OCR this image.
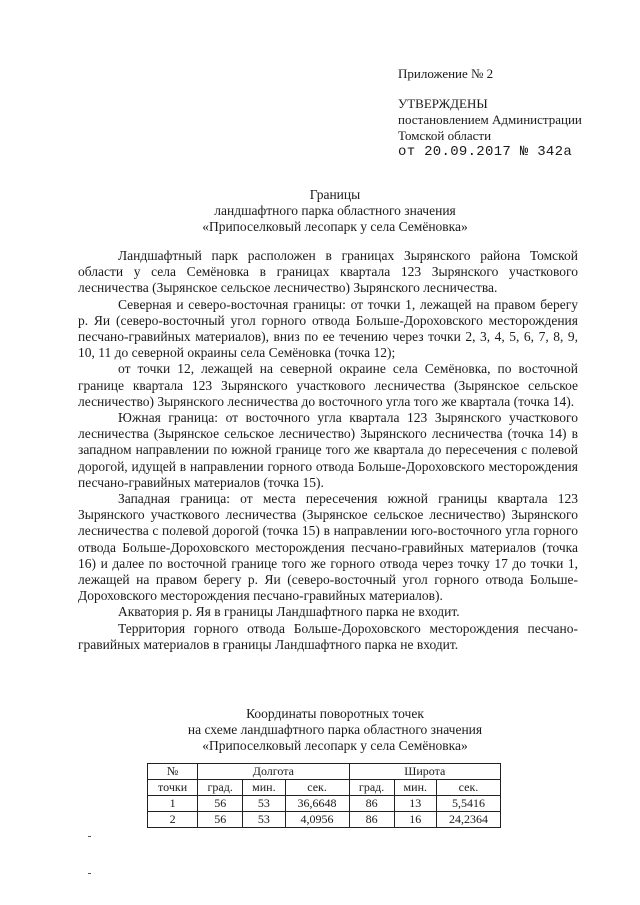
Приложение № 2
УТВЕРЖДЕНЫ
постановлением Администрации
Томской области
от 20.09.2017 № 342а
Границы
ландшафтного парка областного значения
«Припоселковый лесопарк у села Семёновка»

Ландшафтный парк расположен в границах Зырянского района Томской области у села Семёновка в границах квартала 123 Зырянского участкового лесничества (Зырянское сельское лесничество) Зырянского лесничества.

Северная и северо-восточная границы: от точки 1, лежащей на правом берегу р. Яи (северо-восточный угол горного отвода Больше-Дороховского месторождения песчано-гравийных материалов), вниз по ее течению через точки 2, 3, 4, 5, 6, 7, 8, 9, 10, 11 до северной окраины села Семёновка (точка 12);

от точки 12, лежащей на северной окраине села Семёновка, по восточной границе квартала 123 Зырянского участкового лесничества (Зырянское сельское лесничество) Зырянского лесничества до восточного угла того же квартала (точка 14).

Южная граница: от восточного угла квартала 123 Зырянского участкового лесничества (Зырянское сельское лесничество) Зырянского лесничества (точка 14) в западном направлении по южной границе того же квартала до пересечения с полевой дорогой, идущей в направлении горного отвода Больше-Дороховского месторождения песчано-гравийных материалов (точка 15).

Западная граница: от места пересечения южной границы квартала 123 Зырянского участкового лесничества (Зырянское сельское лесничество) Зырянского лесничества с полевой дорогой (точка 15) в направлении юго-восточного угла горного отвода Больше-Дороховского месторождения песчано-гравийных материалов (точка 16) и далее по восточной границе того же горного отвода через точку 17 до точки 1, лежащей на правом берегу р. Яи (северо-восточный угол горного отвода Больше-Дороховского месторождения песчано-гравийных материалов).

Акватория р. Яя в границы Ландшафтного парка не входит.

Территория горного отвода Больше-Дороховского месторождения песчано-гравийных материалов в границы Ландшафтного парка не входит.

Координаты поворотных точек
на схеме ландшафтного парка областного значения
«Припоселковый лесопарк у села Семёновка»
№	Долгота			Широта		
точки	град.	мин.	сек.	град.	мин.	сек.
1	56	53	36,6648	86	13	5,5416
2	56	53	4,0956	86	16	24,2364
